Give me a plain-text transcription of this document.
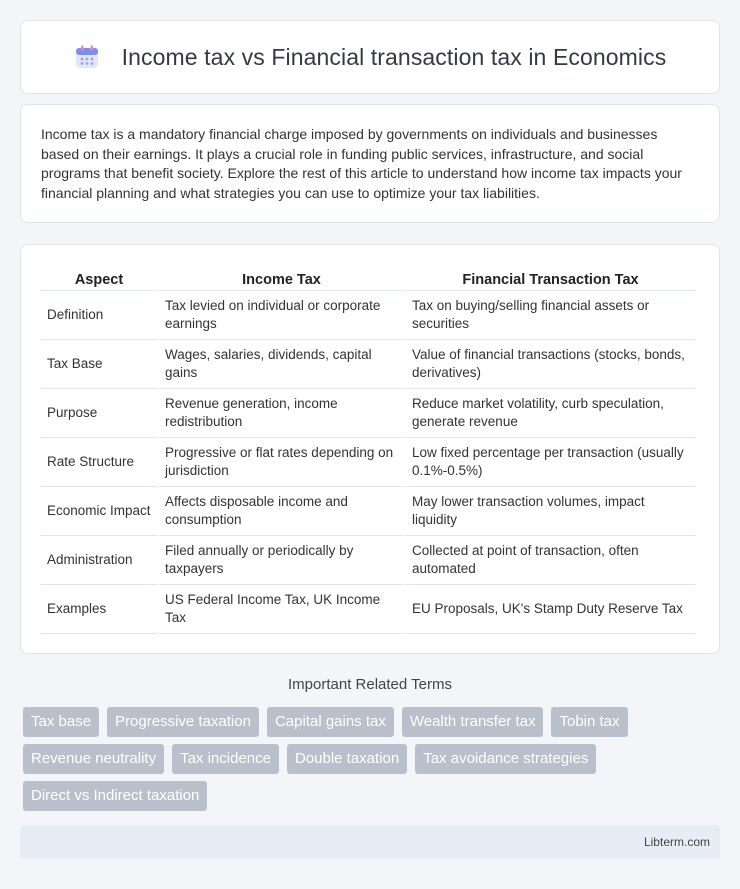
Income tax vs Financial transaction tax in Economics

Income tax is a mandatory financial charge imposed by governments on individuals and businesses based on their earnings. It plays a crucial role in funding public services, infrastructure, and social programs that benefit society. Explore the rest of this article to understand how income tax impacts your financial planning and what strategies you can use to optimize your tax liabilities.

Aspect	Income Tax	Financial Transaction Tax
Definition	Tax levied on individual or corporate earnings	Tax on buying/selling financial assets or securities
Tax Base	Wages, salaries, dividends, capital gains	Value of financial transactions (stocks, bonds, derivatives)
Purpose	Revenue generation, income redistribution	Reduce market volatility, curb speculation, generate revenue
Rate Structure	Progressive or flat rates depending on jurisdiction	Low fixed percentage per transaction (usually 0.1%-0.5%)
Economic Impact	Affects disposable income and consumption	May lower transaction volumes, impact liquidity
Administration	Filed annually or periodically by taxpayers	Collected at point of transaction, often automated
Examples	US Federal Income Tax, UK Income Tax	EU Proposals, UK's Stamp Duty Reserve Tax
Important Related Terms
Tax base	Progressive taxation	Capital gains tax	Wealth transfer tax	Tobin tax
Revenue neutrality	Tax incidence	Double taxation	Tax avoidance strategies
Direct vs Indirect taxation
Libterm.com
